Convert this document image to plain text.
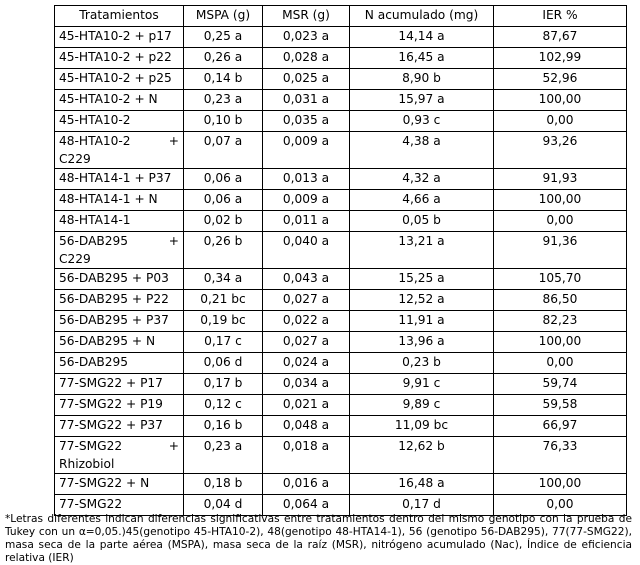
Tratamientos	MSPA (g)	MSR (g)	N acumulado (mg)	IER %
45-HTA10-2 + p17	0,25 a	0,023 a	14,14 a	87,67
45-HTA10-2 + p22	0,26 a	0,028 a	16,45 a	102,99
45-HTA10-2 + p25	0,14 b	0,025 a	8,90 b	52,96
45-HTA10-2 + N	0,23 a	0,031 a	15,97 a	100,00
45-HTA10-2	0,10 b	0,035 a	0,93 c	0,00

48-HTA10-2 +
C229	0,07 a	0,009 a	4,38 a	93,26
48-HTA14-1 + P37	0,06 a	0,013 a	4,32 a	91,93
48-HTA14-1 + N	0,06 a	0,009 a	4,66 a	100,00
48-HTA14-1	0,02 b	0,011 a	0,05 b	0,00

56-DAB295 +
C229	0,26 b	0,040 a	13,21 a	91,36
56-DAB295 + P03	0,34 a	0,043 a	15,25 a	105,70
56-DAB295 + P22	0,21 bc	0,027 a	12,52 a	86,50
56-DAB295 + P37	0,19 bc	0,022 a	11,91 a	82,23
56-DAB295 + N	0,17 c	0,027 a	13,96 a	100,00
56-DAB295	0,06 d	0,024 a	0,23 b	0,00
77-SMG22 + P17	0,17 b	0,034 a	9,91 c	59,74
77-SMG22 + P19	0,12 c	0,021 a	9,89 c	59,58
77-SMG22 + P37	0,16 b	0,048 a	11,09 bc	66,97

77-SMG22 +
Rhizobiol	0,23 a	0,018 a	12,62 b	76,33
77-SMG22 + N	0,18 b	0,016 a	16,48 a	100,00
77-SMG22	0,04 d	0,064 a	0,17 d	0,00

*Letras diferentes indican diferencias significativas entre tratamientos dentro del mismo genotipo con la prueba de Tukey con un α=0,05.)45(genotipo 45-HTA10-2), 48(genotipo 48-HTA14-1), 56 (genotipo 56-DAB295), 77(77-SMG22), masa seca de la parte aérea (MSPA), masa seca de la raíz (MSR), nitrógeno acumulado (Nac), Índice de eficiencia relativa (IER)
